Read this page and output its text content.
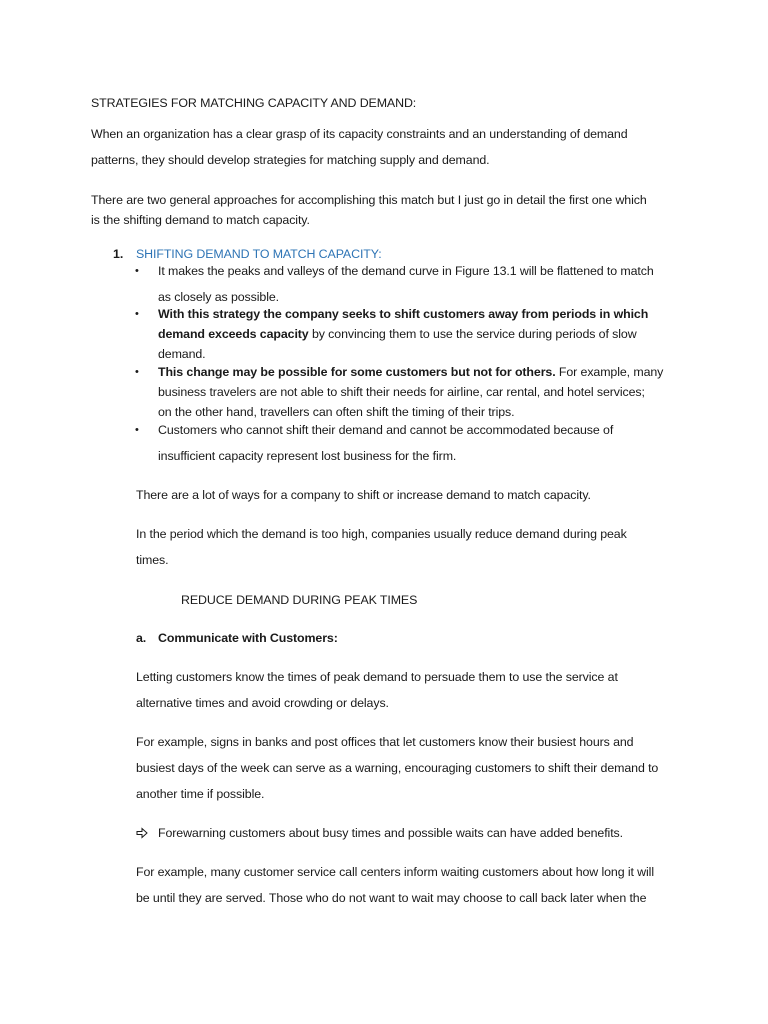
STRATEGIES FOR MATCHING CAPACITY AND DEMAND:

When an organization has a clear grasp of its capacity constraints and an understanding of demand

patterns, they should develop strategies for matching supply and demand.

There are two general approaches for accomplishing this match but I just go in detail the first one which

is the shifting demand to match capacity.

1. SHIFTING DEMAND TO MATCH CAPACITY:

• It makes the peaks and valleys of the demand curve in Figure 13.1 will be flattened to match

as closely as possible.

• With this strategy the company seeks to shift customers away from periods in which

demand exceeds capacity by convincing them to use the service during periods of slow

demand.

• This change may be possible for some customers but not for others. For example, many

business travelers are not able to shift their needs for airline, car rental, and hotel services;

on the other hand, travellers can often shift the timing of their trips.

• Customers who cannot shift their demand and cannot be accommodated because of

insufficient capacity represent lost business for the firm.

There are a lot of ways for a company to shift or increase demand to match capacity.

In the period which the demand is too high, companies usually reduce demand during peak

times.

REDUCE DEMAND DURING PEAK TIMES

a. Communicate with Customers:

Letting customers know the times of peak demand to persuade them to use the service at

alternative times and avoid crowding or delays.

For example, signs in banks and post offices that let customers know their busiest hours and

busiest days of the week can serve as a warning, encouraging customers to shift their demand to

another time if possible.

Forewarning customers about busy times and possible waits can have added benefits.

For example, many customer service call centers inform waiting customers about how long it will

be until they are served. Those who do not want to wait may choose to call back later when the
